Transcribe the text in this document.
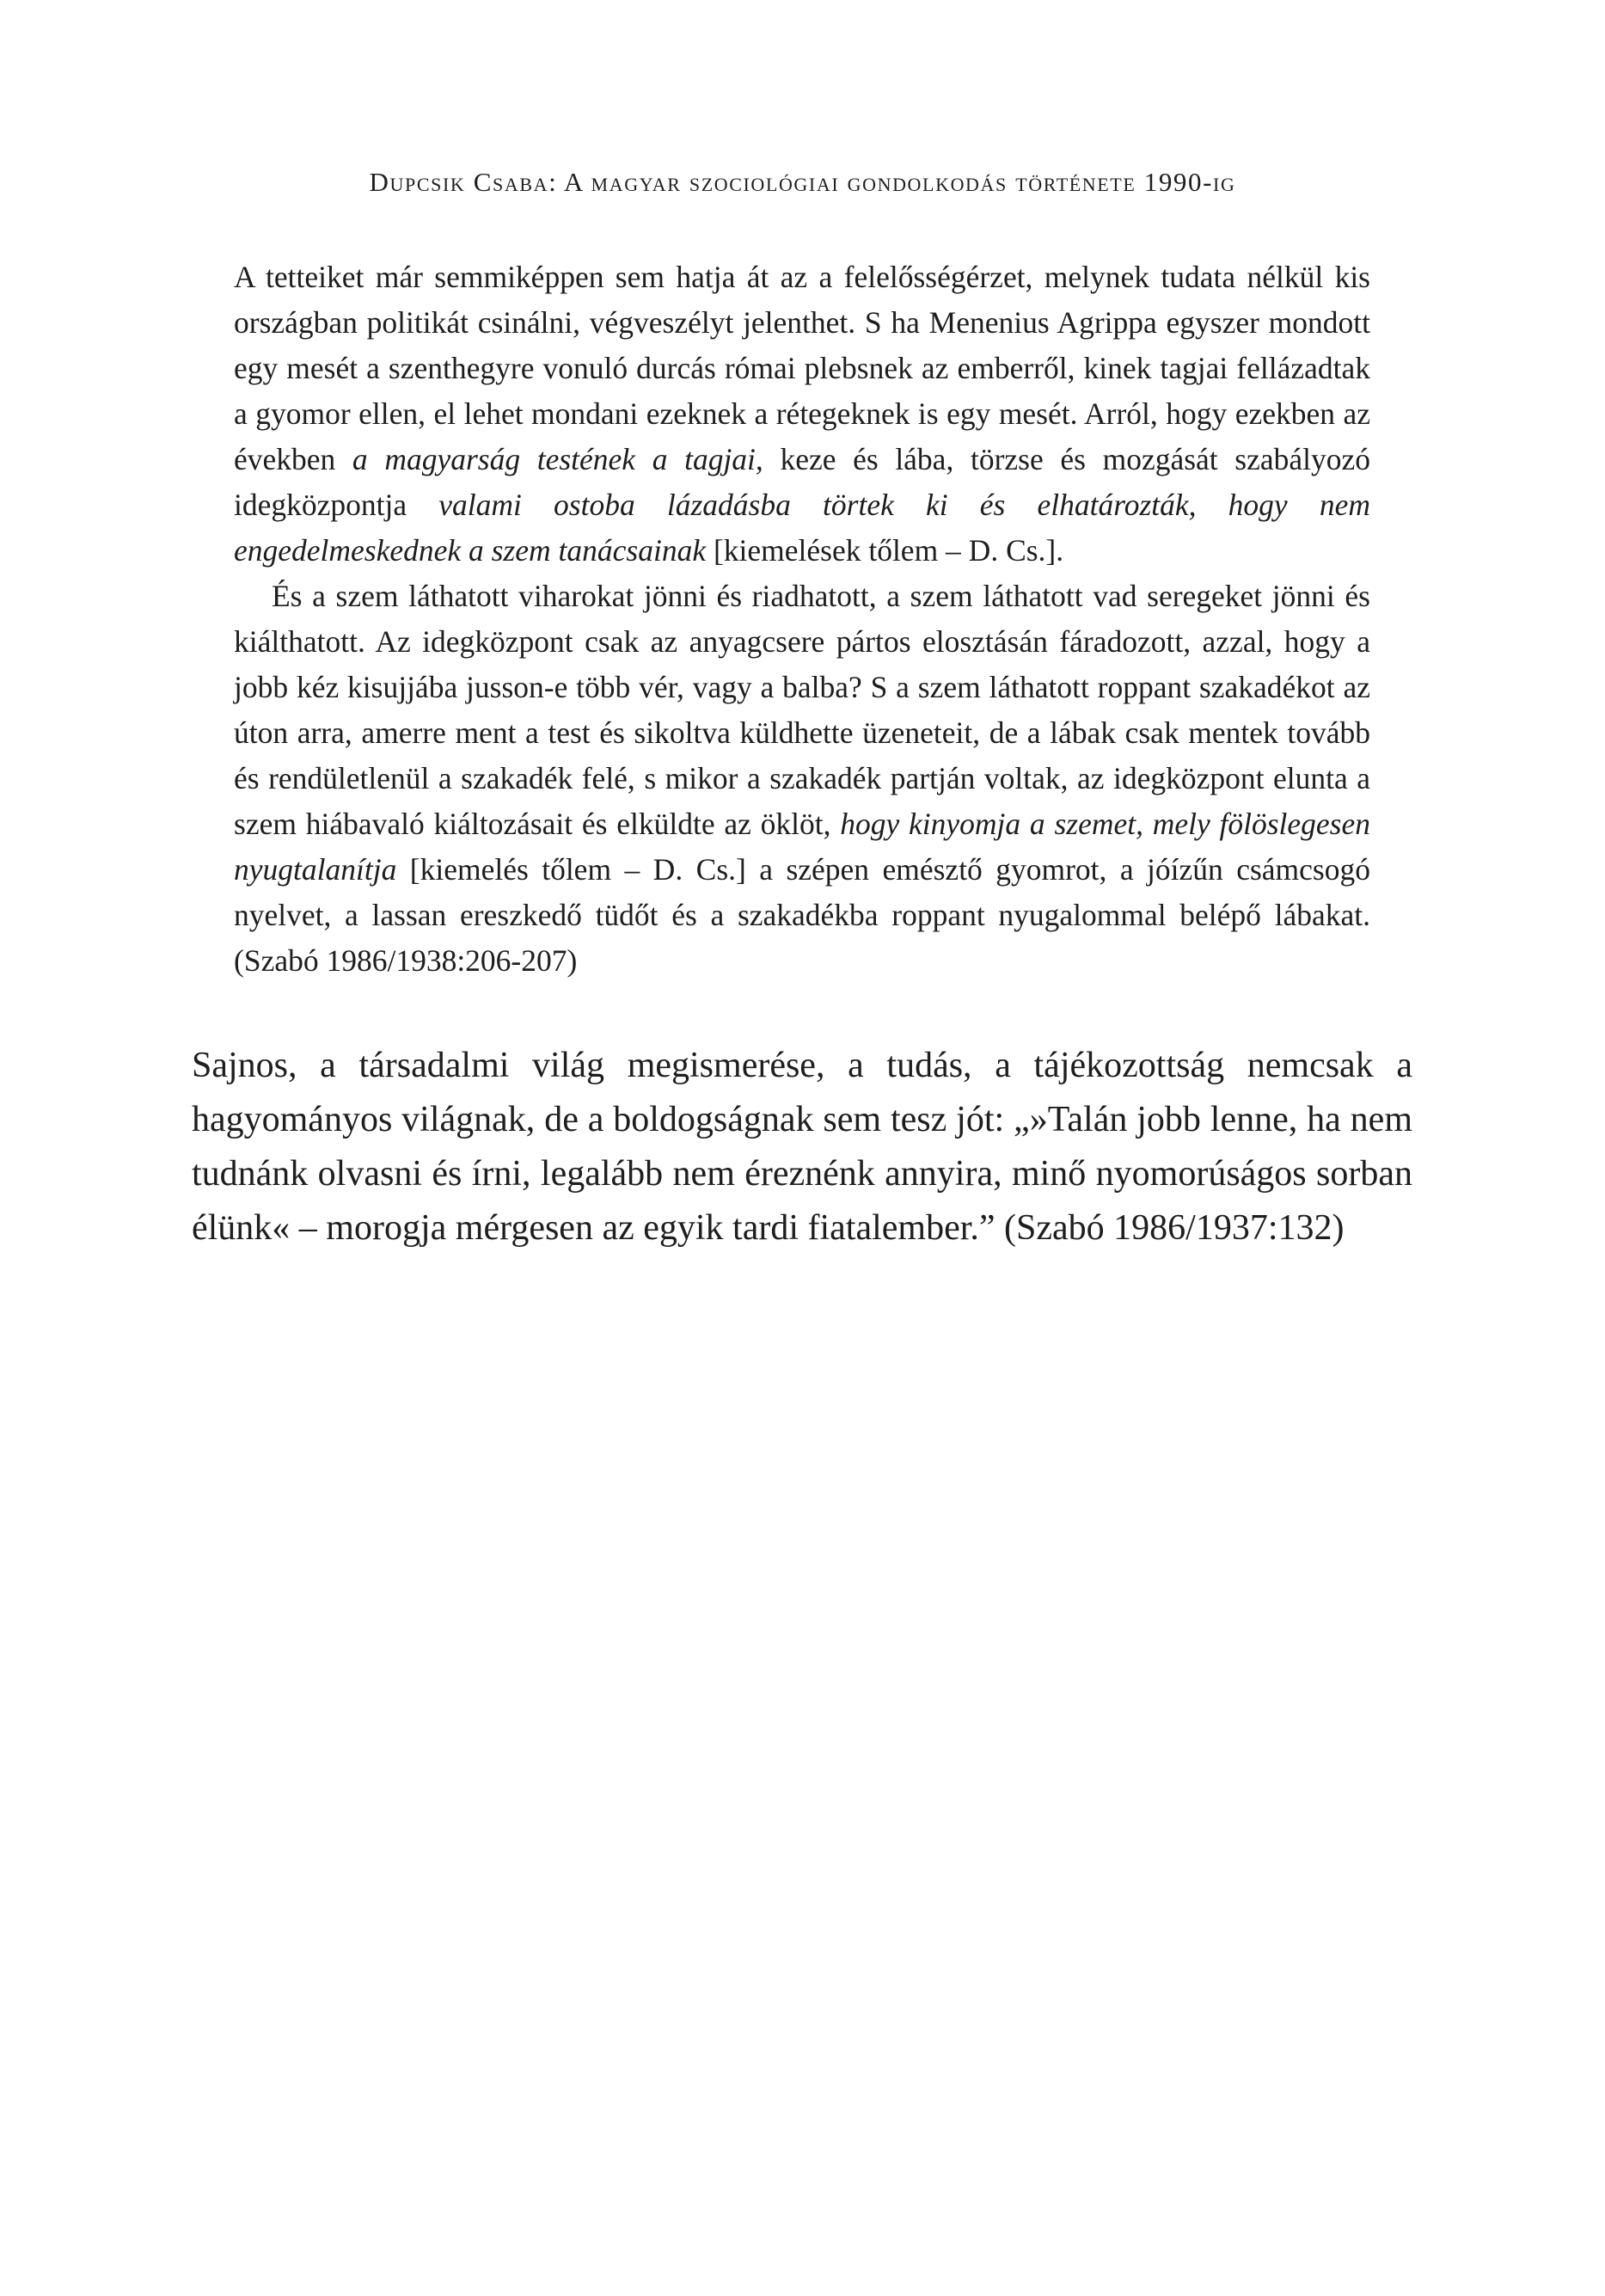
Dupcsik Csaba: A magyar szociológiai gondolkodás története 1990-ig

A tetteiket már semmiképpen sem hatja át az a felelősségérzet, melynek tudata nélkül kis országban politikát csinálni, végveszélyt jelenthet. S ha Menenius Agrippa egyszer mondott egy mesét a szenthegyre vonuló durcás római plebsnek az emberről, kinek tagjai fellázadtak a gyomor ellen, el lehet mondani ezeknek a rétegeknek is egy mesét. Arról, hogy ezekben az években a magyarság testének a tagjai, keze és lába, törzse és mozgását szabályozó idegközpontja valami ostoba lázadásba törtek ki és elhatározták, hogy nem engedelmeskednek a szem tanácsainak [kiemelések tőlem – D. Cs.].

És a szem láthatott viharokat jönni és riadhatott, a szem láthatott vad seregeket jönni és kiálthatott. Az idegközpont csak az anyagcsere pártos elosztásán fáradozott, azzal, hogy a jobb kéz kisujjába jusson-e több vér, vagy a balba? S a szem láthatott roppant szakadékot az úton arra, amerre ment a test és sikoltva küldhette üzeneteit, de a lábak csak mentek tovább és rendületlenül a szakadék felé, s mikor a szakadék partján voltak, az idegközpont elunta a szem hiábavaló kiáltozásait és elküldte az öklöt, hogy kinyomja a szemet, mely fölöslegesen nyugtalanítja [kiemelés tőlem – D. Cs.] a szépen emésztő gyomrot, a jóízűn csámcsogó nyelvet, a lassan ereszkedő tüdőt és a szakadékba roppant nyugalommal belépő lábakat. (Szabó 1986/1938:206-207)

Sajnos, a társadalmi világ megismerése, a tudás, a tájékozottság nemcsak a hagyományos világnak, de a boldogságnak sem tesz jót: „»Talán jobb lenne, ha nem tudnánk olvasni és írni, legalább nem éreznénk annyira, minő nyomorúságos sorban élünk« – morogja mérgesen az egyik tardi fiatalember.” (Szabó 1986/1937:132)
